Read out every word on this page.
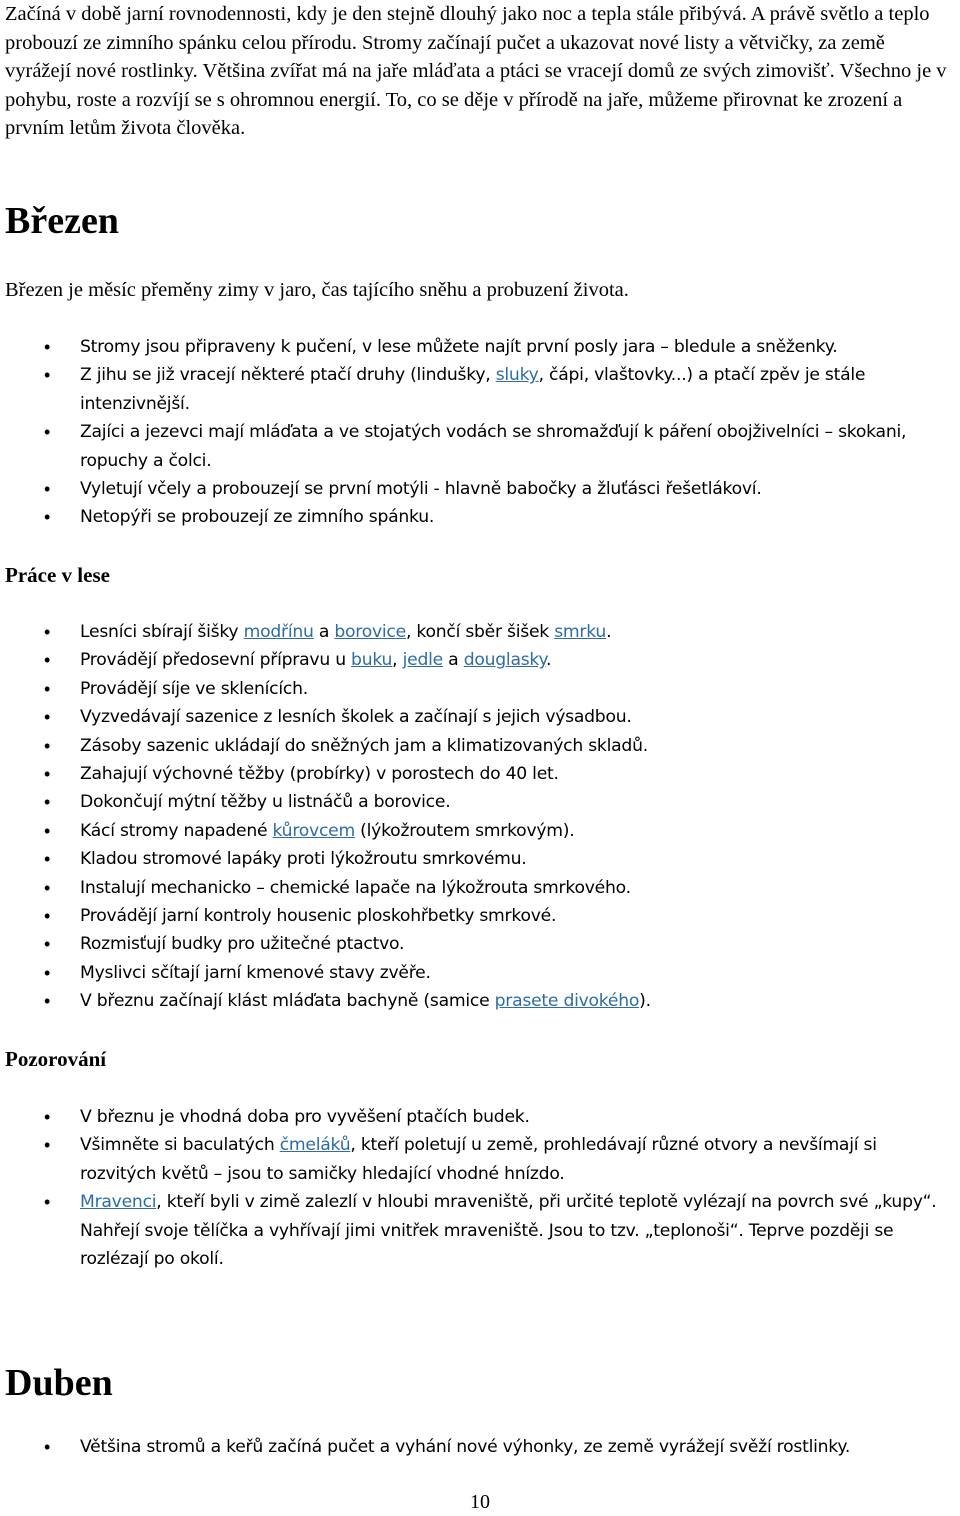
Začíná v době jarní rovnodennosti, kdy je den stejně dlouhý jako noc a tepla stále přibývá. A právě světlo a teplo probouzí ze zimního spánku celou přírodu. Stromy začínají pučet a ukazovat nové listy a větvičky, za země vyrážejí nové rostlinky. Většina zvířat má na jaře mláďata a ptáci se vracejí domů ze svých zimovišť. Všechno je v pohybu, roste a rozvíjí se s ohromnou energií. To, co se děje v přírodě na jaře, můžeme přirovnat ke zrození a prvním letům života člověka.

Březen
Březen je měsíc přeměny zimy v jaro, čas tajícího sněhu a probuzení života.
• Stromy jsou připraveny k pučení, v lese můžete najít první posly jara – bledule a sněženky.
• Z jihu se již vracejí některé ptačí druhy (lindušky, sluky, čápi, vlaštovky...) a ptačí zpěv je stále intenzivnější.
• Zajíci a jezevci mají mláďata a ve stojatých vodách se shromažďují k páření obojživelníci – skokani, ropuchy a čolci.
• Vyletují včely a probouzejí se první motýli - hlavně babočky a žluťásci řešetlákoví.
• Netopýři se probouzejí ze zimního spánku.
Práce v lese
• Lesníci sbírají šišky modřínu a borovice, končí sběr šišek smrku.
• Provádějí předosevní přípravu u buku, jedle a douglasky.
• Provádějí síje ve sklenících.
• Vyzvedávají sazenice z lesních školek a začínají s jejich výsadbou.
• Zásoby sazenic ukládají do sněžných jam a klimatizovaných skladů.
• Zahajují výchovné těžby (probírky) v porostech do 40 let.
• Dokončují mýtní těžby u listnáčů a borovice.
• Kácí stromy napadené kůrovcem (lýkožroutem smrkovým).
• Kladou stromové lapáky proti lýkožroutu smrkovému.
• Instalují mechanicko – chemické lapače na lýkožrouta smrkového.
• Provádějí jarní kontroly housenic ploskohřbetky smrkové.
• Rozmisťují budky pro užitečné ptactvo.
• Myslivci sčítají jarní kmenové stavy zvěře.
• V březnu začínají klást mláďata bachyně (samice prasete divokého).
Pozorování
• V březnu je vhodná doba pro vyvěšení ptačích budek.
• Všimněte si baculatých čmeláků, kteří poletují u země, prohledávají různé otvory a nevšímají si rozvitých květů – jsou to samičky hledající vhodné hnízdo.
• Mravenci, kteří byli v zimě zalezlí v hloubi mraveniště, při určité teplotě vylézají na povrch své „kupy“. Nahřejí svoje tělíčka a vyhřívají jimi vnitřek mraveniště. Jsou to tzv. „teplonoši“. Teprve později se rozlézají po okolí.
Duben
• Většina stromů a keřů začíná pučet a vyhání nové výhonky, ze země vyrážejí svěží rostlinky.
10
